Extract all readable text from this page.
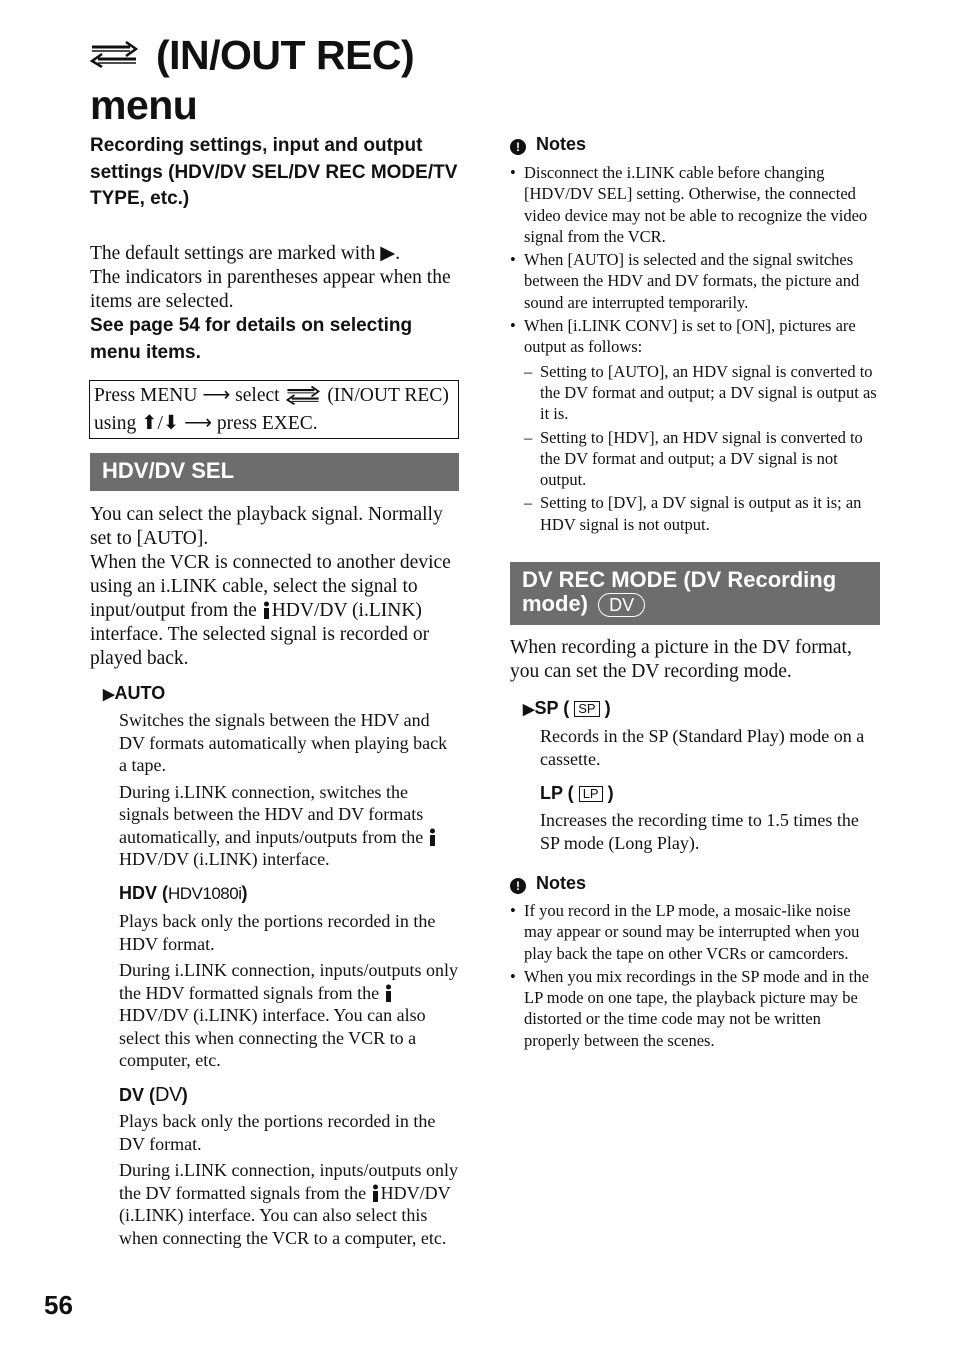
(IN/OUT REC)
menu
Recording settings, input and output settings (HDV/DV SEL/DV REC MODE/TV TYPE, etc.)
The default settings are marked with ▶.
The indicators in parentheses appear when the items are selected.
See page 54 for details on selecting menu items.
Press MENU ⟶ select (IN/OUT REC) using ⬆/⬇ ⟶ press EXEC.
HDV/DV SEL
You can select the playback signal. Normally set to [AUTO].
When the VCR is connected to another device using an i.LINK cable, select the signal to input/output from the HDV/DV (i.LINK) interface. The selected signal is recorded or played back.
▶AUTO

Switches the signals between the HDV and DV formats automatically when playing back a tape.

During i.LINK connection, switches the signals between the HDV and DV formats automatically, and inputs/outputs from the HDV/DV (i.LINK) interface.

HDV (HDV1080i)

Plays back only the portions recorded in the HDV format.

During i.LINK connection, inputs/outputs only the HDV formatted signals from the HDV/DV (i.LINK) interface. You can also select this when connecting the VCR to a computer, etc.

DV (DV)

Plays back only the portions recorded in the DV format.

During i.LINK connection, inputs/outputs only the DV formatted signals from the HDV/DV (i.LINK) interface. You can also select this when connecting the VCR to a computer, etc.

56
! Notes
• Disconnect the i.LINK cable before changing [HDV/DV SEL] setting. Otherwise, the connected video device may not be able to recognize the video signal from the VCR.
• When [AUTO] is selected and the signal switches between the HDV and DV formats, the picture and sound are interrupted temporarily.
• When [i.LINK CONV] is set to [ON], pictures are output as follows:
– Setting to [AUTO], an HDV signal is converted to the DV format and output; a DV signal is output as it is.
– Setting to [HDV], an HDV signal is converted to the DV format and output; a DV signal is not output.
– Setting to [DV], a DV signal is output as it is; an HDV signal is not output.
DV REC MODE (DV Recording mode) DV
When recording a picture in the DV format, you can set the DV recording mode.
▶SP ( SP )
Records in the SP (Standard Play) mode on a cassette.
LP ( LP )
Increases the recording time to 1.5 times the SP mode (Long Play).
! Notes
• If you record in the LP mode, a mosaic-like noise may appear or sound may be interrupted when you play back the tape on other VCRs or camcorders.
• When you mix recordings in the SP mode and in the LP mode on one tape, the playback picture may be distorted or the time code may not be written properly between the scenes.
